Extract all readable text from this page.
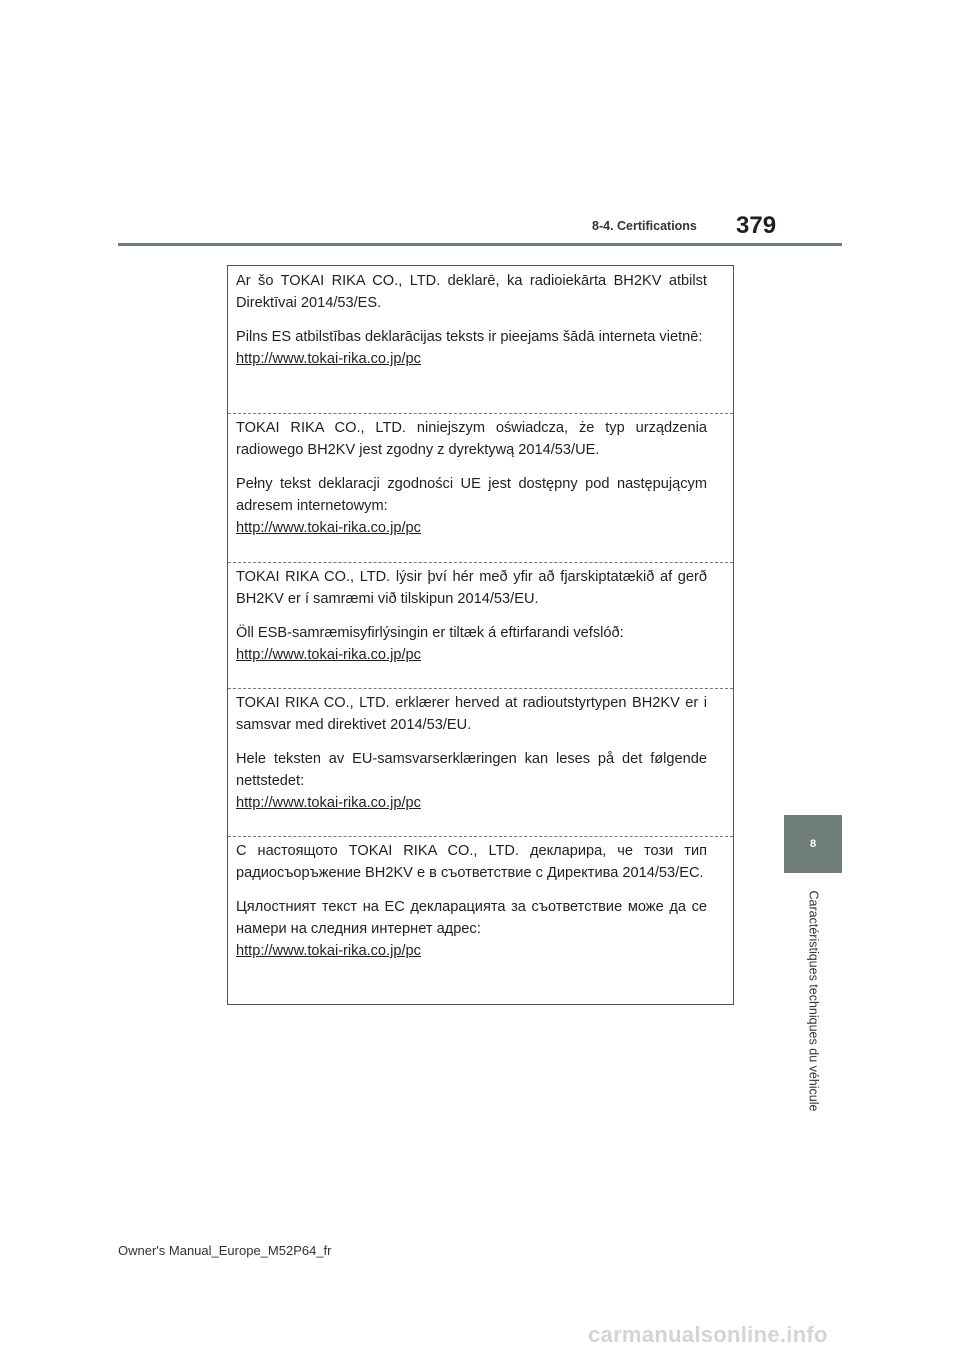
8-4. Certifications 379

Ar šo TOKAI RIKA CO., LTD. deklarē, ka radioiekārta BH2KV atbilst Direktīvai 2014/53/ES.

Pilns ES atbilstības deklarācijas teksts ir pieejams šādā interneta vietnē:

http://www.tokai-rika.co.jp/pc

TOKAI RIKA CO., LTD. niniejszym oświadcza, że typ urządzenia radiowego BH2KV jest zgodny z dyrektywą 2014/53/UE.

Pełny tekst deklaracji zgodności UE jest dostępny pod następującym adresem internetowym:

http://www.tokai-rika.co.jp/pc

TOKAI RIKA CO., LTD. lýsir því hér með yfir að fjarskiptatækið af gerð BH2KV er í samræmi við tilskipun 2014/53/EU.

Öll ESB-samræmisyfirlýsingin er tiltæk á eftirfarandi vefslóð:

http://www.tokai-rika.co.jp/pc

TOKAI RIKA CO., LTD. erklærer herved at radioutstyrtypen BH2KV er i samsvar med direktivet 2014/53/EU.

Hele teksten av EU-samsvarserklæringen kan leses på det følgende nettstedet:

http://www.tokai-rika.co.jp/pc

С настоящото TOKAI RIKA CO., LTD. декларира, че този тип радиосъоръжение BH2KV е в съответствие с Директива 2014/53/ЕС.

Цялостният текст на ЕС декларацията за съответствие може да се намери на следния интернет адрес:

http://www.tokai-rika.co.jp/pc
8
Caractéristiques techniques du véhicule
Owner's Manual_Europe_M52P64_fr
carmanualsonline.info
